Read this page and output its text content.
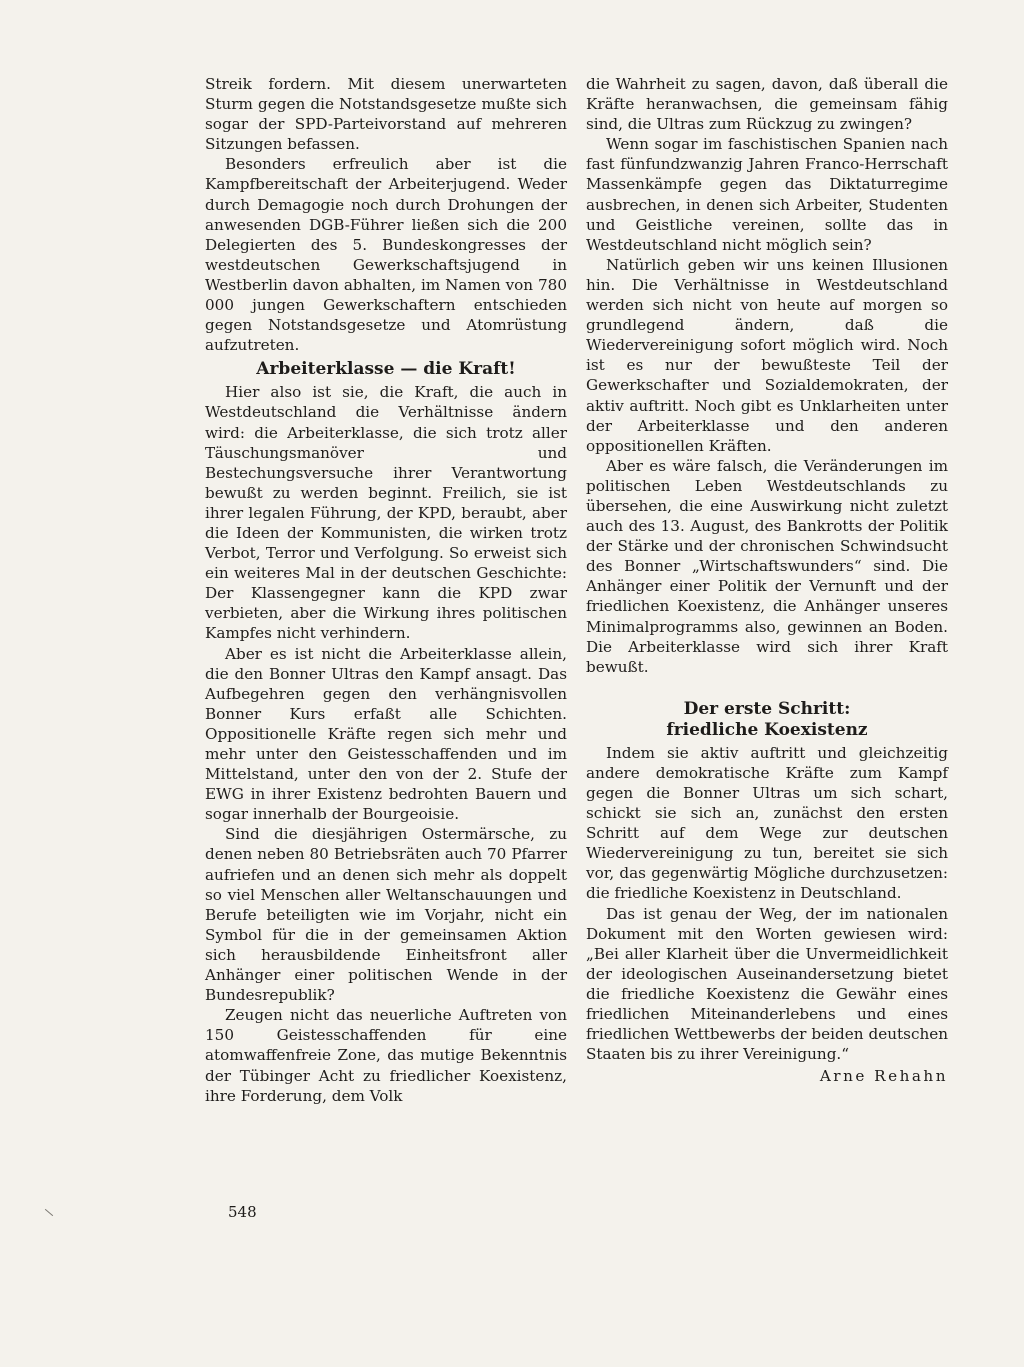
Streik fordern. Mit diesem unerwarteten Sturm gegen die Notstandsgesetze mußte sich sogar der SPD-Parteivorstand auf mehreren Sitzungen befassen.

Besonders erfreulich aber ist die Kampfbereitschaft der Arbeiterjugend. Weder durch Demagogie noch durch Drohungen der anwesenden DGB-Führer ließen sich die 200 Delegierten des 5. Bundeskongresses der westdeutschen Gewerkschaftsjugend in Westberlin davon abhalten, im Namen von 780 000 jungen Gewerkschaftern entschieden gegen Notstandsgesetze und Atomrüstung aufzutreten.

Arbeiterklasse — die Kraft!

Hier also ist sie, die Kraft, die auch in Westdeutschland die Verhältnisse ändern wird: die Arbeiterklasse, die sich trotz aller Täuschungsmanöver und Bestechungsversuche ihrer Verantwortung bewußt zu werden beginnt. Freilich, sie ist ihrer legalen Führung, der KPD, beraubt, aber die Ideen der Kommunisten, die wirken trotz Verbot, Terror und Verfolgung. So erweist sich ein weiteres Mal in der deutschen Geschichte: Der Klassengegner kann die KPD zwar verbieten, aber die Wirkung ihres politischen Kampfes nicht verhindern.

Aber es ist nicht die Arbeiterklasse allein, die den Bonner Ultras den Kampf ansagt. Das Aufbegehren gegen den verhängnisvollen Bonner Kurs erfaßt alle Schichten. Oppositionelle Kräfte regen sich mehr und mehr unter den Geistesschaffenden und im Mittelstand, unter den von der 2. Stufe der EWG in ihrer Existenz bedrohten Bauern und sogar innerhalb der Bourgeoisie.

Sind die diesjährigen Ostermärsche, zu denen neben 80 Betriebsräten auch 70 Pfarrer aufriefen und an denen sich mehr als doppelt so viel Menschen aller Weltanschauungen und Berufe beteiligten wie im Vorjahr, nicht ein Symbol für die in der gemeinsamen Aktion sich herausbildende Einheitsfront aller Anhänger einer politischen Wende in der Bundesrepublik?

Zeugen nicht das neuerliche Auftreten von 150 Geistesschaffenden für eine atomwaffenfreie Zone, das mutige Bekenntnis der Tübinger Acht zu friedlicher Koexistenz, ihre Forderung, dem Volk

die Wahrheit zu sagen, davon, daß überall die Kräfte heranwachsen, die gemeinsam fähig sind, die Ultras zum Rückzug zu zwingen?

Wenn sogar im faschistischen Spanien nach fast fünfundzwanzig Jahren Franco-Herrschaft Massenkämpfe gegen das Diktaturregime ausbrechen, in denen sich Arbeiter, Studenten und Geistliche vereinen, sollte das in Westdeutschland nicht möglich sein?

Natürlich geben wir uns keinen Illusionen hin. Die Verhältnisse in Westdeutschland werden sich nicht von heute auf morgen so grundlegend ändern, daß die Wiedervereinigung sofort möglich wird. Noch ist es nur der bewußteste Teil der Gewerkschafter und Sozialdemokraten, der aktiv auftritt. Noch gibt es Unklarheiten unter der Arbeiterklasse und den anderen oppositionellen Kräften.

Aber es wäre falsch, die Veränderungen im politischen Leben Westdeutschlands zu übersehen, die eine Auswirkung nicht zuletzt auch des 13. August, des Bankrotts der Politik der Stärke und der chronischen Schwindsucht des Bonner „Wirtschaftswunders“ sind. Die Anhänger einer Politik der Vernunft und der friedlichen Koexistenz, die Anhänger unseres Minimalprogramms also, gewinnen an Boden. Die Arbeiterklasse wird sich ihrer Kraft bewußt.

Der erste Schritt:
friedliche Koexistenz

Indem sie aktiv auftritt und gleichzeitig andere demokratische Kräfte zum Kampf gegen die Bonner Ultras um sich schart, schickt sie sich an, zunächst den ersten Schritt auf dem Wege zur deutschen Wiedervereinigung zu tun, bereitet sie sich vor, das gegenwärtig Mögliche durchzusetzen: die friedliche Koexistenz in Deutschland.

Das ist genau der Weg, der im nationalen Dokument mit den Worten gewiesen wird: „Bei aller Klarheit über die Unvermeidlichkeit der ideologischen Auseinandersetzung bietet die friedliche Koexistenz die Gewähr eines friedlichen Miteinanderlebens und eines friedlichen Wettbewerbs der beiden deutschen Staaten bis zu ihrer Vereinigung.“

Arne Rehahn
548
